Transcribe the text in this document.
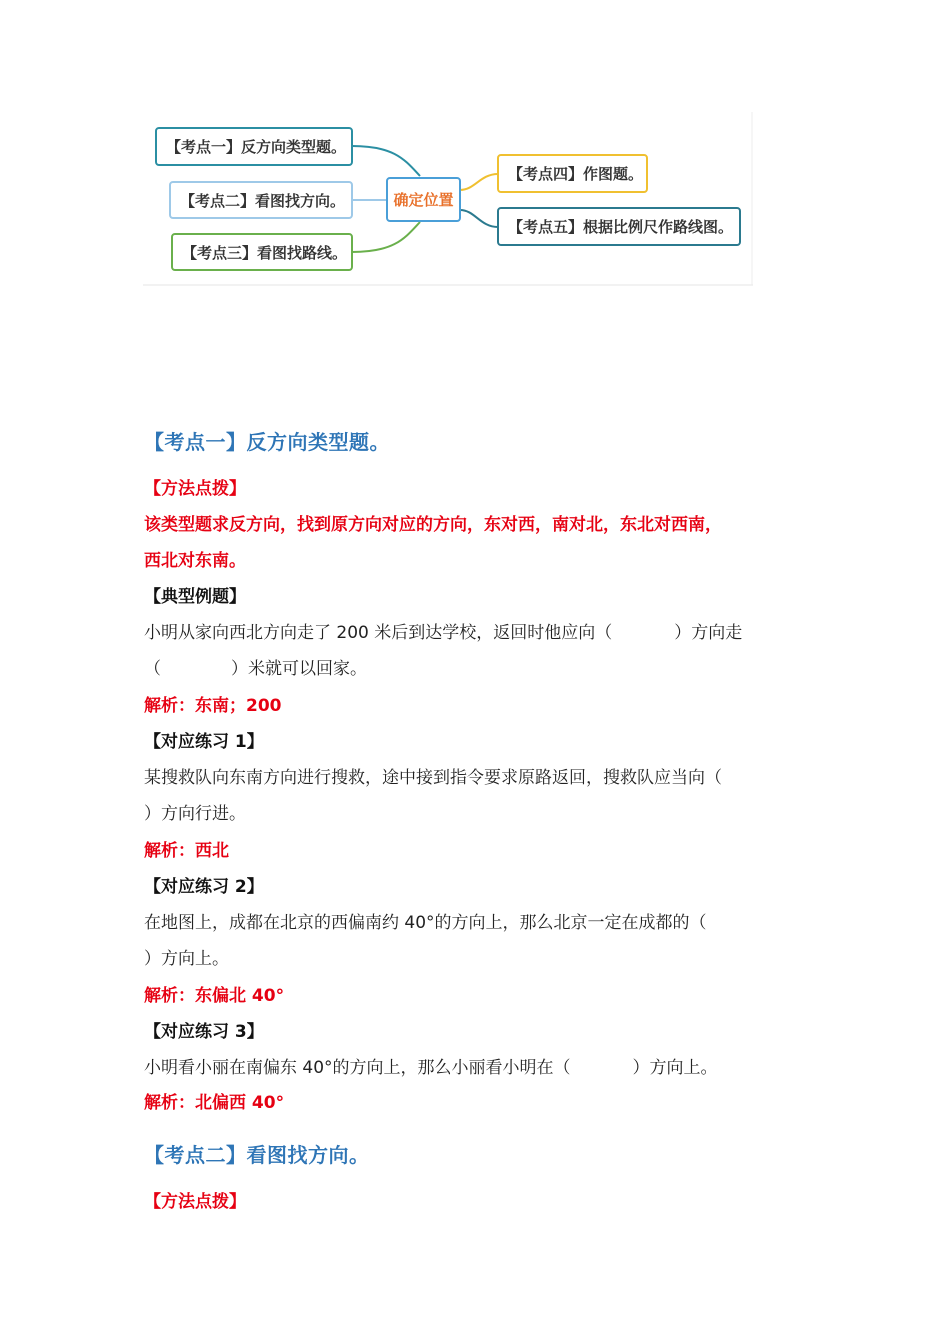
确定位置
【考点一】反方向类型题。
【考点二】看图找方向。
【考点三】看图找路线。
【考点四】作图题。
【考点五】根据比例尺作路线图。
【考点一】反方向类型题。
【方法点拨】
该类型题求反方向，找到原方向对应的方向，东对西，南对北，东北对西南，
西北对东南。
【典型例题】
小明从家向西北方向走了 200 米后到达学校，返回时他应向（	）方向走
（	）米就可以回家。
解析：东南；200
【对应练习 1】
某搜救队向东南方向进行搜救，途中接到指令要求原路返回，搜救队应当向（
）方向行进。
解析：西北
【对应练习 2】
在地图上，成都在北京的西偏南约 40°的方向上，那么北京一定在成都的（
）方向上。
解析：东偏北 40°
【对应练习 3】
小明看小丽在南偏东 40°的方向上，那么小丽看小明在（	）方向上。
解析：北偏西 40°
【考点二】看图找方向。
【方法点拨】
